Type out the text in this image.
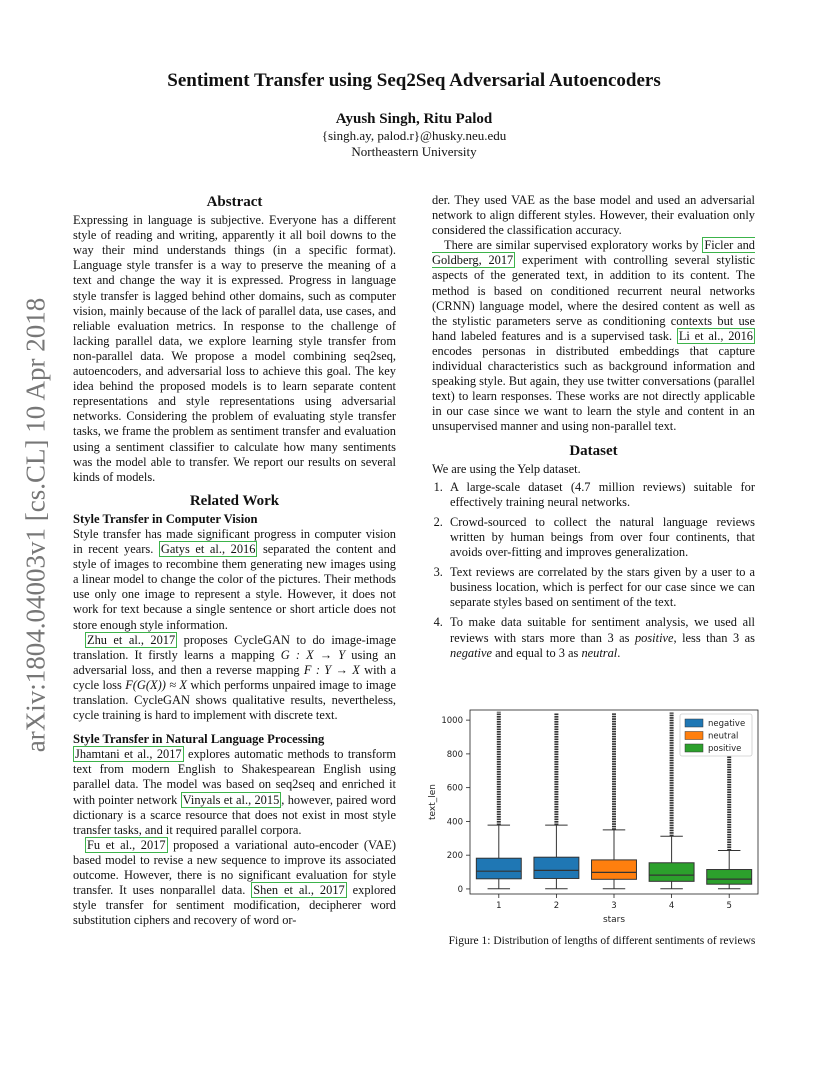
arXiv:1804.04003v1 [cs.CL] 10 Apr 2018
Sentiment Transfer using Seq2Seq Adversarial Autoencoders
Ayush Singh, Ritu Palod
{singh.ay, palod.r}@husky.neu.edu
Northeastern University
Abstract

Expressing in language is subjective. Everyone has a different style of reading and writing, apparently it all boil downs to the way their mind understands things (in a specific format). Language style transfer is a way to preserve the meaning of a text and change the way it is expressed. Progress in language style transfer is lagged behind other domains, such as computer vision, mainly because of the lack of parallel data, use cases, and reliable evaluation metrics. In response to the challenge of lacking parallel data, we explore learning style transfer from non-parallel data. We propose a model combining seq2seq, autoencoders, and adversarial loss to achieve this goal. The key idea behind the proposed models is to learn separate content representations and style representations using adversarial networks. Considering the problem of evaluating style transfer tasks, we frame the problem as sentiment transfer and evaluation using a sentiment classifier to calculate how many sentiments was the model able to transfer. We report our results on several kinds of models.

Related Work
Style Transfer in Computer Vision

Style transfer has made significant progress in computer vision in recent years. Gatys et al., 2016 separated the content and style of images to recombine them generating new images using a linear model to change the color of the pictures. Their methods use only one image to represent a style. However, it does not work for text because a single sentence or short article does not store enough style information.

Zhu et al., 2017 proposes CycleGAN to do image-image translation. It firstly learns a mapping G : X → Y using an adversarial loss, and then a reverse mapping F : Y → X with a cycle loss F(G(X)) ≈ X which performs unpaired image to image translation. CycleGAN shows qualitative results, nevertheless, cycle training is hard to implement with discrete text.

Style Transfer in Natural Language Processing

Jhamtani et al., 2017 explores automatic methods to transform text from modern English to Shakespearean English using parallel data. The model was based on seq2seq and enriched it with pointer network Vinyals et al., 2015 , however, paired word dictionary is a scarce resource that does not exist in most style transfer tasks, and it required parallel corpora.

Fu et al., 2017 proposed a variational auto-encoder (VAE) based model to revise a new sequence to improve its associated outcome. However, there is no significant evaluation for style transfer. It uses nonparallel data. Shen et al., 2017 explored style transfer for sentiment modification, decipherer word substitution ciphers and recovery of word or-

der. They used VAE as the base model and used an adversarial network to align different styles. However, their evaluation only considered the classification accuracy.

There are similar supervised exploratory works by Ficler and Goldberg, 2017 experiment with controlling several stylistic aspects of the generated text, in addition to its content. The method is based on conditioned recurrent neural networks (CRNN) language model, where the desired content as well as the stylistic parameters serve as conditioning contexts but use hand labeled features and is a supervised task. Li et al., 2016 encodes personas in distributed embeddings that capture individual characteristics such as background information and speaking style. But again, they use twitter conversations (parallel text) to learn responses. These works are not directly applicable in our case since we want to learn the style and content in an unsupervised manner and using non-parallel text.

Dataset

We are using the Yelp dataset.

1. A large-scale dataset (4.7 million reviews) suitable for effectively training neural networks.
2. Crowd-sourced to collect the natural language reviews written by human beings from over four continents, that avoids over-fitting and improves generalization.
3. Text reviews are correlated by the stars given by a user to a business location, which is perfect for our case since we can separate styles based on sentiment of the text.
4. To make data suitable for sentiment analysis, we used all reviews with stars more than 3 as positive, less than 3 as negative and equal to 3 as neutral.
0
200
400
600
800
1000
1	2	3	4	5
stars
text_len
negative
neutral
positive
Figure 1: Distribution of lengths of different sentiments of reviews
